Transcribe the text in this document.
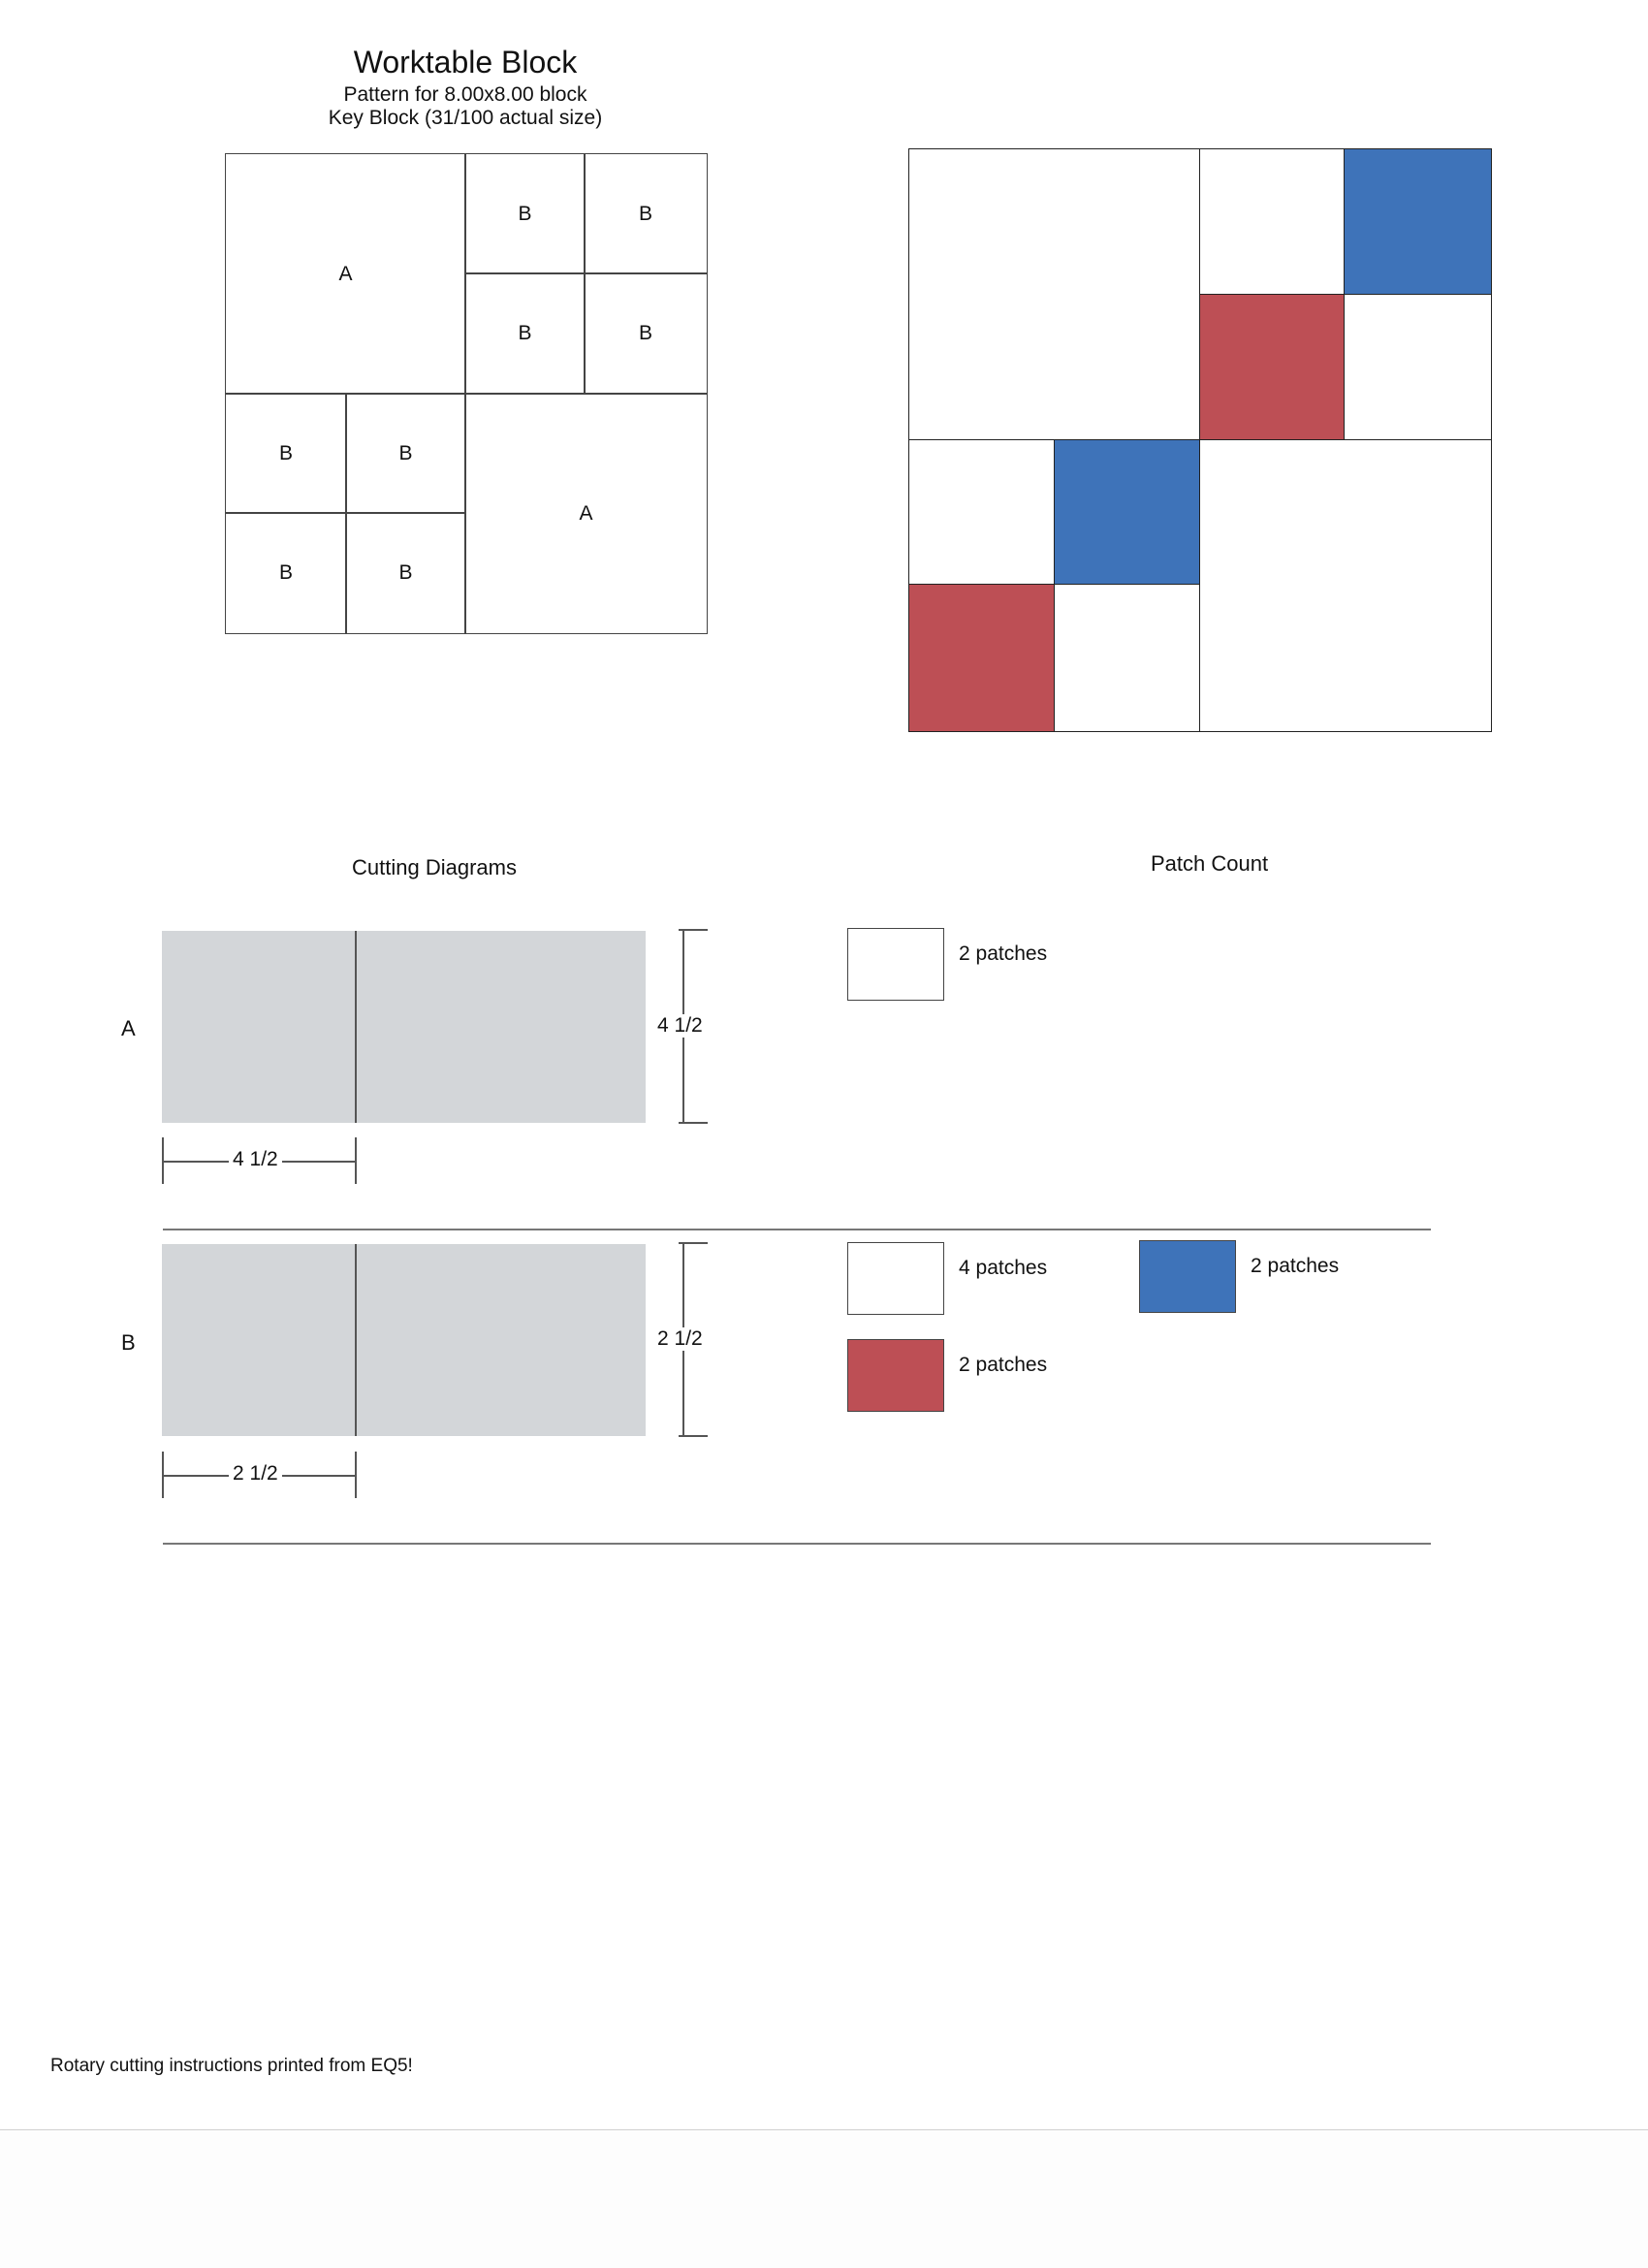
Worktable Block
Pattern for 8.00x8.00 block
Key Block (31/100 actual size)
A
B	B
B	B
B	B
B	B
A
Cutting Diagrams	Patch Count
A	4 1/2
4 1/2
2 patches
B	2 1/2
2 1/2
4 patches	2 patches
2 patches
Rotary cutting instructions printed from EQ5!
